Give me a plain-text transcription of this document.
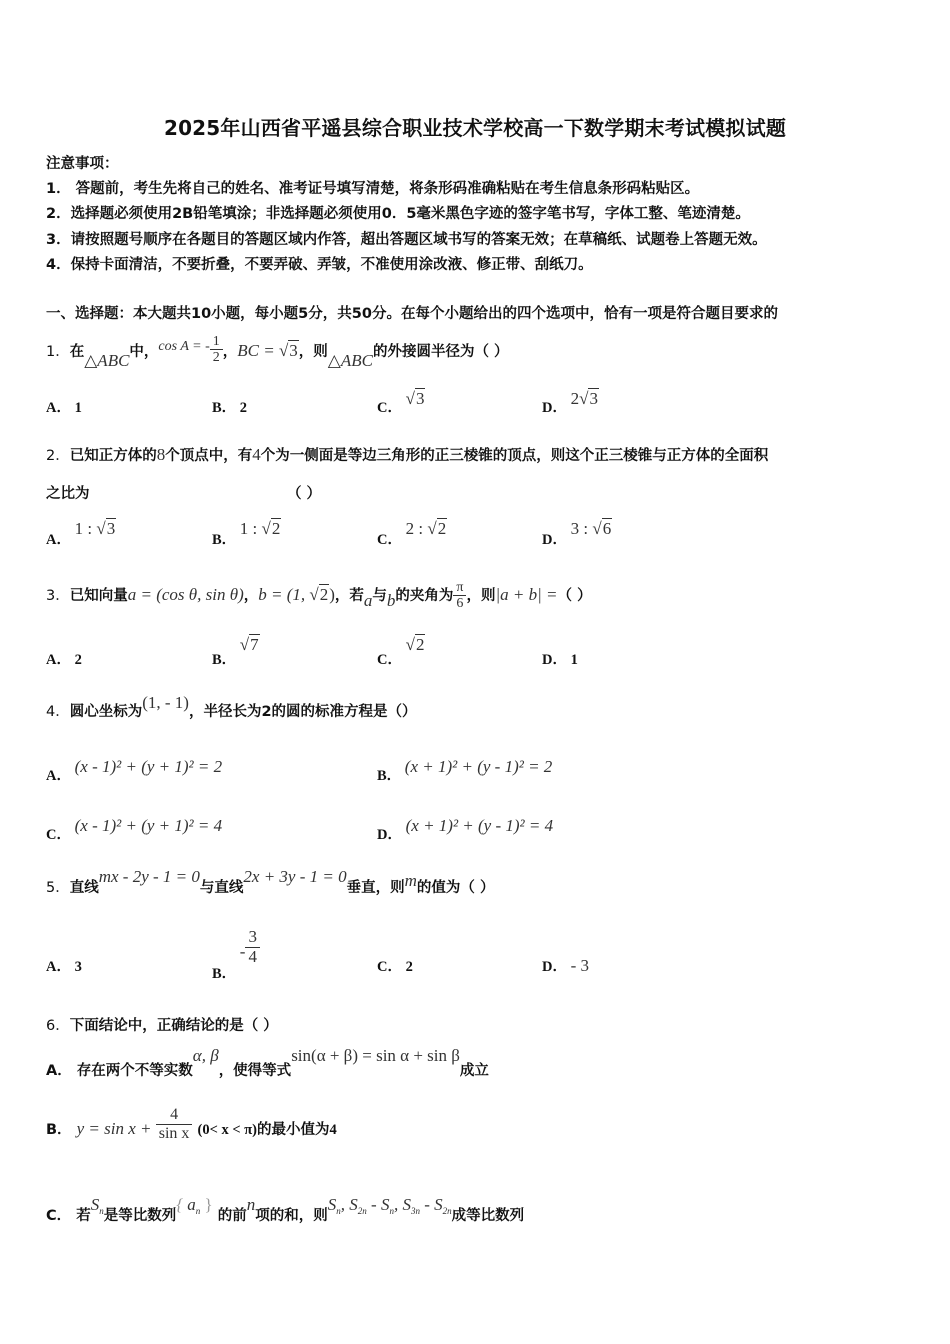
2025年山西省平遥县综合职业技术学校高一下数学期末考试模拟试题
注意事项：
1． 答题前，考生先将自己的姓名、准考证号填写清楚，将条形码准确粘贴在考生信息条形码粘贴区。
2．选择题必须使用2B铅笔填涂；非选择题必须使用0．5毫米黑色字迹的签字笔书写，字体工整、笔迹清楚。
3．请按照题号顺序在各题目的答题区域内作答，超出答题区域书写的答案无效；在草稿纸、试题卷上答题无效。
4．保持卡面清洁，不要折叠，不要弄破、弄皱，不准使用涂改液、修正带、刮纸刀。
一、选择题：本大题共10小题，每小题5分，共50分。在每个小题给出的四个选项中，恰有一项是符合题目要求的
1．在△ABC中，cos A = - $\frac{1}{2}$ ，BC = √3，则△ABC的外接圆半径为（ ）
A． 1	B． 2	C． √3	D． 2√3
2．已知正方体的8个顶点中，有4个为一侧面是等边三角形的正三棱锥的顶点，则这个正三棱锥与正方体的全面积
之比为	（ ）
A． 1 : √3
B． 1 : √2
C． 2 : √2
D． 3 : √6
3．已知向量a = (cos θ, sin θ)，b = (1, √2)，若a与b的夹角为 $\frac{\pi}{6}$ ，则|a + b| =（ ）
A． 2	B． √7
C． √2
D． 1
4．圆心坐标为(1, - 1)，半径长为2的圆的标准方程是（）
A． (x - 1)² + (y + 1)² = 2	B． (x + 1)² + (y - 1)² = 2
C． (x - 1)² + (y + 1)² = 4	D． (x + 1)² + (y - 1)² = 4
5．直线mx - 2y - 1 = 0与直线2x + 3y - 1 = 0垂直，则m的值为（ ）
A． 3	B． - $\frac{3}{4}$
C． 2	D． - 3
6．下面结论中，正确结论的是（ ）
A． 存在两个不等实数α, β，使得等式sin(α + β) = sin α + sin β成立
B． $y = \sin x + \frac{4}{\text{sin x}} (0< x < \pi)$的最小值为4
C． 若$S_n$是等比数列{ $a_n$ } 的前n项的和，则$S_n$, $S_{2n} - S_n$, $S_{3n} - S_{2n}$成等比数列
